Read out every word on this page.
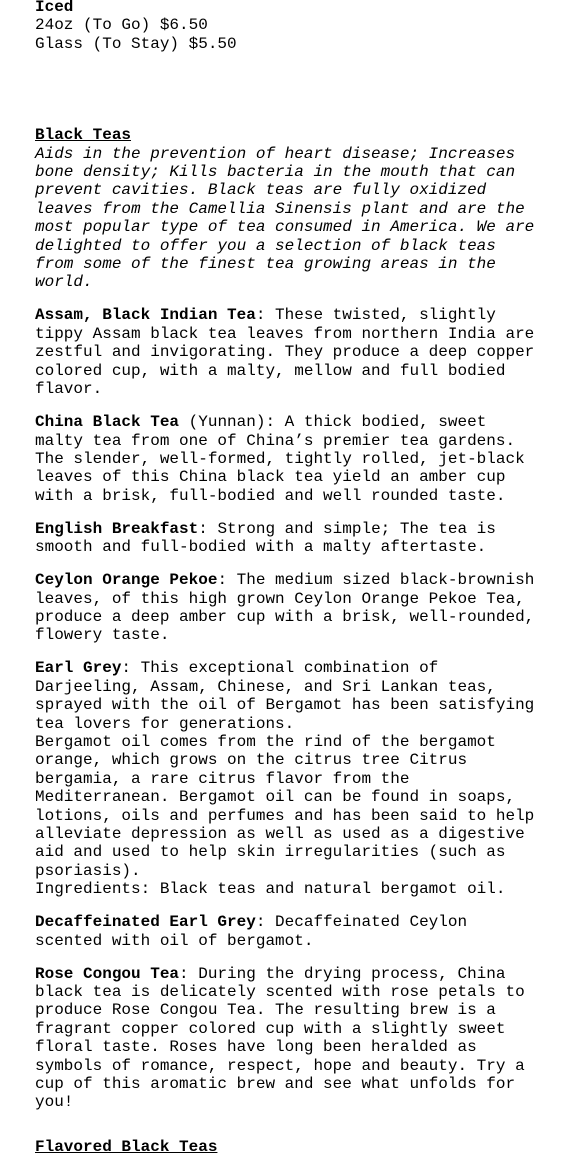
Iced
24oz (To Go) $6.50
Glass (To Stay) $5.50
Black Teas

Aids in the prevention of heart disease; Increases bone density; Kills bacteria in the mouth that can prevent cavities. Black teas are fully oxidized leaves from the Camellia Sinensis plant and are the most popular type of tea consumed in America. We are delighted to offer you a selection of black teas from some of the finest tea growing areas in the world.

Assam, Black Indian Tea: These twisted, slightly tippy Assam black tea leaves from northern India are zestful and invigorating. They produce a deep copper colored cup, with a malty, mellow and full bodied flavor.

China Black Tea (Yunnan): A thick bodied, sweet malty tea from one of China’s premier tea gardens. The slender, well-formed, tightly rolled, jet-black leaves of this China black tea yield an amber cup with a brisk, full-bodied and well rounded taste.

English Breakfast: Strong and simple; The tea is smooth and full-bodied with a malty aftertaste.

Ceylon Orange Pekoe: The medium sized black-brownish leaves, of this high grown Ceylon Orange Pekoe Tea, produce a deep amber cup with a brisk, well-rounded, flowery taste.

Earl Grey: This exceptional combination of Darjeeling, Assam, Chinese, and Sri Lankan teas, sprayed with the oil of Bergamot has been satisfying tea lovers for generations.

Bergamot oil comes from the rind of the bergamot orange, which grows on the citrus tree Citrus bergamia, a rare citrus flavor from the Mediterranean. Bergamot oil can be found in soaps, lotions, oils and perfumes and has been said to help alleviate depression as well as used as a digestive aid and used to help skin irregularities (such as psoriasis).

Ingredients: Black teas and natural bergamot oil.

Decaffeinated Earl Grey: Decaffeinated Ceylon scented with oil of bergamot.

Rose Congou Tea: During the drying process, China black tea is delicately scented with rose petals to produce Rose Congou Tea. The resulting brew is a fragrant copper colored cup with a slightly sweet floral taste. Roses have long been heralded as symbols of romance, respect, hope and beauty. Try a cup of this aromatic brew and see what unfolds for you!

Flavored Black Teas
